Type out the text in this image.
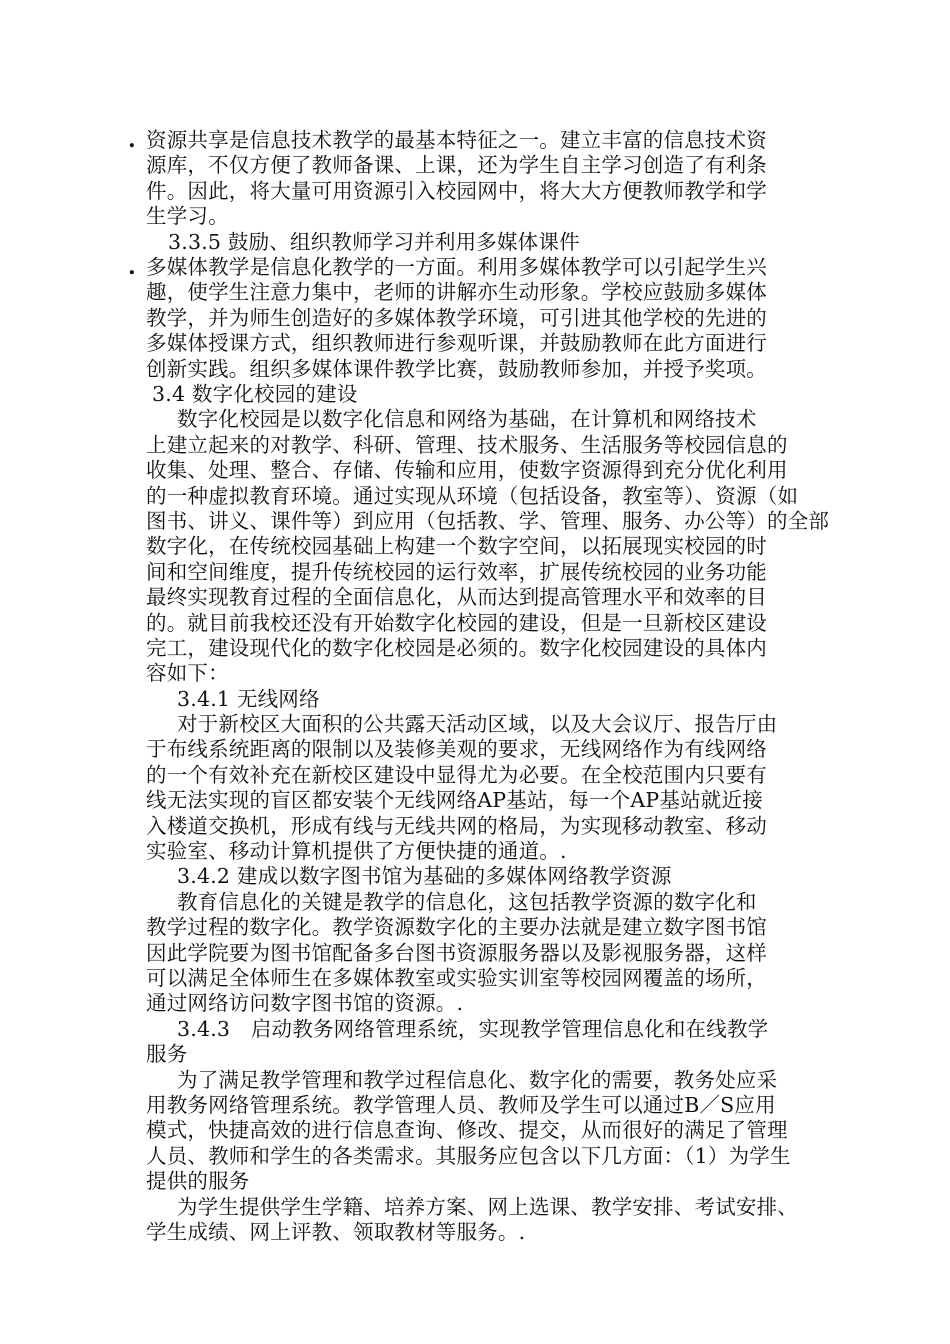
.
.
资源共享是信息技术教学的最基本特征之一。建立丰富的信息技术资
源库，不仅方便了教师备课、上课，还为学生自主学习创造了有利条
件。因此，将大量可用资源引入校园网中，将大大方便教师教学和学
生学习。
3.3.5 鼓励、组织教师学习并利用多媒体课件
多媒体教学是信息化教学的一方面。利用多媒体教学可以引起学生兴
趣，使学生注意力集中，老师的讲解亦生动形象。学校应鼓励多媒体
教学，并为师生创造好的多媒体教学环境，可引进其他学校的先进的
多媒体授课方式，组织教师进行参观听课，并鼓励教师在此方面进行
创新实践。组织多媒体课件教学比赛，鼓励教师参加，并授予奖项。
3.4 数字化校园的建设
数字化校园是以数字化信息和网络为基础，在计算机和网络技术
上建立起来的对教学、科研、管理、技术服务、生活服务等校园信息的
收集、处理、整合、存储、传输和应用，使数字资源得到充分优化利用
的一种虚拟教育环境。通过实现从环境（包括设备，教室等）、资源（如
图书、讲义、课件等）到应用（包括教、学、管理、服务、办公等）的全部
数字化，在传统校园基础上构建一个数字空间，以拓展现实校园的时
间和空间维度，提升传统校园的运行效率，扩展传统校园的业务功能
最终实现教育过程的全面信息化，从而达到提高管理水平和效率的目
的。就目前我校还没有开始数字化校园的建设，但是一旦新校区建设
完工，建设现代化的数字化校园是必须的。数字化校园建设的具体内
容如下：
3.4.1 无线网络
对于新校区大面积的公共露天活动区域，以及大会议厅、报告厅由
于布线系统距离的限制以及装修美观的要求，无线网络作为有线网络
的一个有效补充在新校区建设中显得尤为必要。在全校范围内只要有
线无法实现的盲区都安装个无线网络AP基站，每一个AP基站就近接
入楼道交换机，形成有线与无线共网的格局，为实现移动教室、移动
实验室、移动计算机提供了方便快捷的通道。.
3.4.2 建成以数字图书馆为基础的多媒体网络教学资源
教育信息化的关键是教学的信息化，这包括教学资源的数字化和
教学过程的数字化。教学资源数字化的主要办法就是建立数字图书馆
因此学院要为图书馆配备多台图书资源服务器以及影视服务器，这样
可以满足全体师生在多媒体教室或实验实训室等校园网覆盖的场所，
通过网络访问数字图书馆的资源。.
3.4.3　启动教务网络管理系统，实现教学管理信息化和在线教学
服务
为了满足教学管理和教学过程信息化、数字化的需要，教务处应采
用教务网络管理系统。教学管理人员、教师及学生可以通过B／S应用
模式，快捷高效的进行信息查询、修改、提交，从而很好的满足了管理
人员、教师和学生的各类需求。其服务应包含以下几方面：（1）为学生
提供的服务
为学生提供学生学籍、培养方案、网上选课、教学安排、考试安排、
学生成绩、网上评教、领取教材等服务。.
